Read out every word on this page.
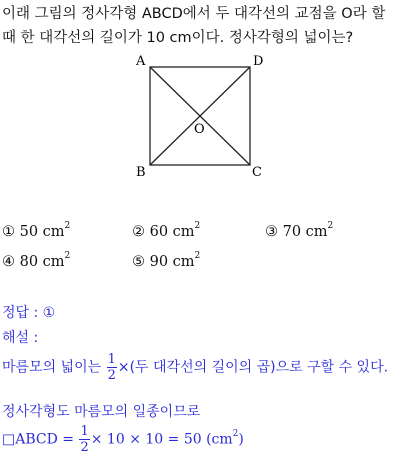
이래 그림의 정사각형 ABCD에서 두 대각선의 교점을 O라 할
때 한 대각선의 길이가 10 cm이다. 정사각형의 넓이는?
A	D
B	C
O
① 50 $cm^2$	② 60 $cm^2$	③ 70 $cm^2$
④ 80 $cm^2$	⑤ 90 $cm^2$
정답 : ①
해설 :
마름모의 넓이는 $\frac{1}{2}$ ×(두 대각선의 길이의 곱)으로 구할 수 있다.
정사각형도 마름모의 일종이므로
□ABCD = $\frac{1}{2} \times 10 \times 10 = 50$ $(cm^2)$
